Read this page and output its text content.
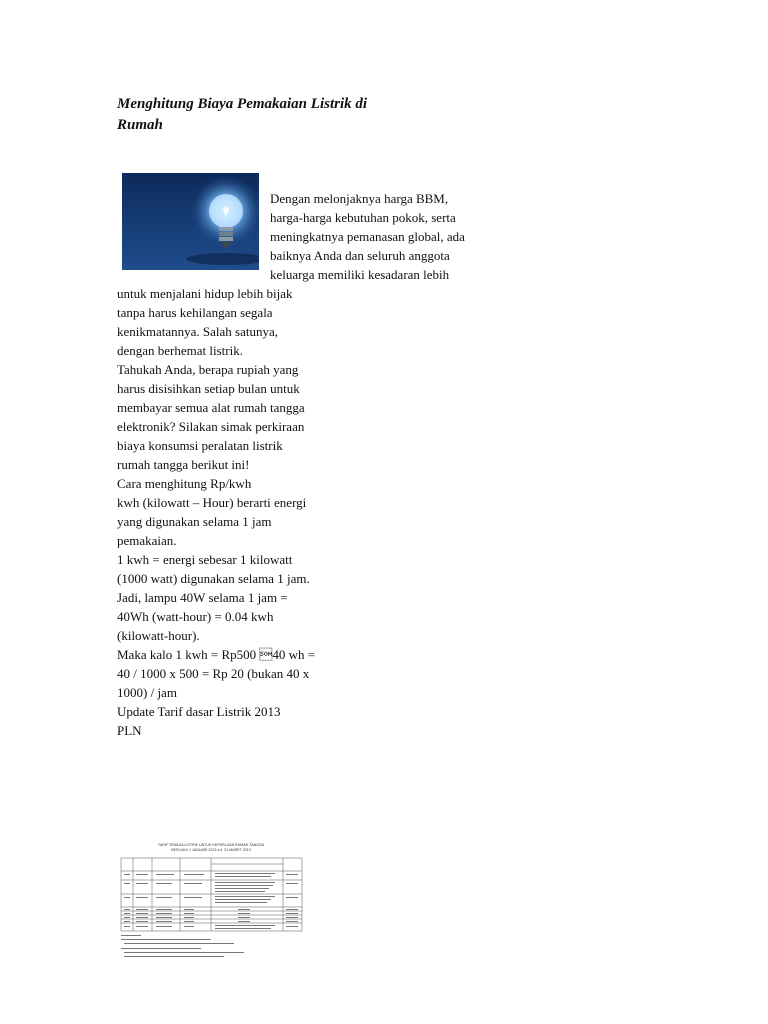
Menghitung Biaya Pemakaian Listrik di
Rumah
Dengan melonjaknya harga BBM,
harga-harga kebutuhan pokok, serta
meningkatnya pemanasan global, ada
baiknya Anda dan seluruh anggota
keluarga memiliki kesadaran lebih
untuk menjalani hidup lebih bijak
tanpa harus kehilangan segala
kenikmatannya. Salah satunya,
dengan berhemat listrik.
Tahukah Anda, berapa rupiah yang
harus disisihkan setiap bulan untuk
membayar semua alat rumah tangga
elektronik? Silakan simak perkiraan
biaya konsumsi peralatan listrik
rumah tangga berikut ini!
Cara menghitung Rp/kwh
kwh (kilowatt – Hour) berarti energi
yang digunakan selama 1 jam
pemakaian.
1 kwh = energi sebesar 1 kilowatt
(1000 watt) digunakan selama 1 jam.
Jadi, lampu 40W selama 1 jam =
40Wh (watt-hour) = 0.04 kwh
(kilowatt-hour).
Maka kalo 1 kwh = Rp500 40 wh =
40 / 1000 x 500 = Rp 20 (bukan 40 x
1000) / jam
Update Tarif dasar Listrik 2013
PLN
TARIF TENAGA LISTRIK UNTUK KEPERLUAN RUMAH TANGGA
BERLAKU 1 JANUARI 2013 s.d. 31 MARET 2013
